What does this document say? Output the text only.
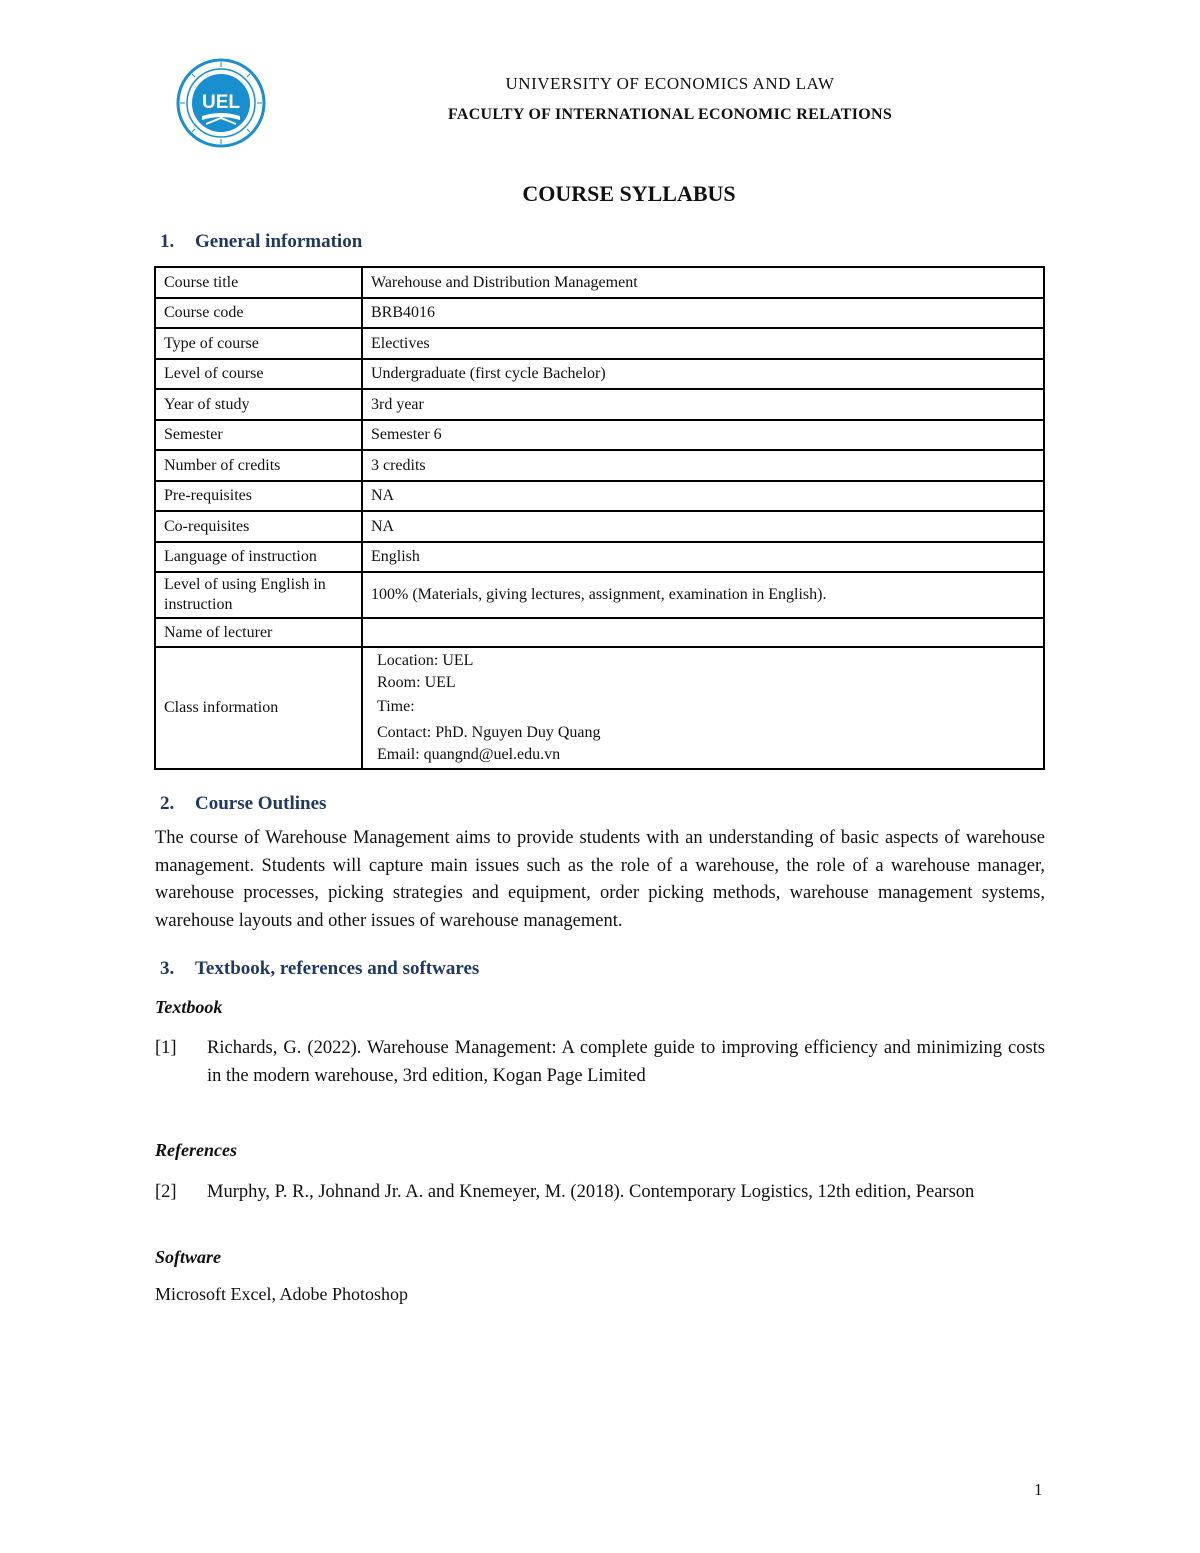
UEL
UNIVERSITY OF ECONOMICS AND LAW
FACULTY OF INTERNATIONAL ECONOMIC RELATIONS
COURSE SYLLABUS
1. General information
Course title	Warehouse and Distribution Management
Course code	BRB4016
Type of course	Electives
Level of course	Undergraduate (first cycle Bachelor)
Year of study	3rd year
Semester	Semester 6
Number of credits	3 credits
Pre-requisites	NA
Co-requisites	NA
Language of instruction	English
Level of using English in instruction	100% (Materials, giving lectures, assignment, examination in English).
Name of lecturer	
Class information	Location: UEL
Room: UEL
Time:
Contact: PhD. Nguyen Duy Quang
Email: quangnd@uel.edu.vn
2. Course Outlines
The course of Warehouse Management aims to provide students with an understanding of basic aspects of warehouse management. Students will capture main issues such as the role of a warehouse, the role of a warehouse manager, warehouse processes, picking strategies and equipment, order picking methods, warehouse management systems, warehouse layouts and other issues of warehouse management.
3. Textbook, references and softwares
Textbook
[1] Richards, G. (2022). Warehouse Management: A complete guide to improving efficiency and minimizing costs in the modern warehouse, 3rd edition, Kogan Page Limited
References
[2] Murphy, P. R., Johnand Jr. A. and Knemeyer, M. (2018). Contemporary Logistics, 12th edition, Pearson
Software
Microsoft Excel, Adobe Photoshop
1
